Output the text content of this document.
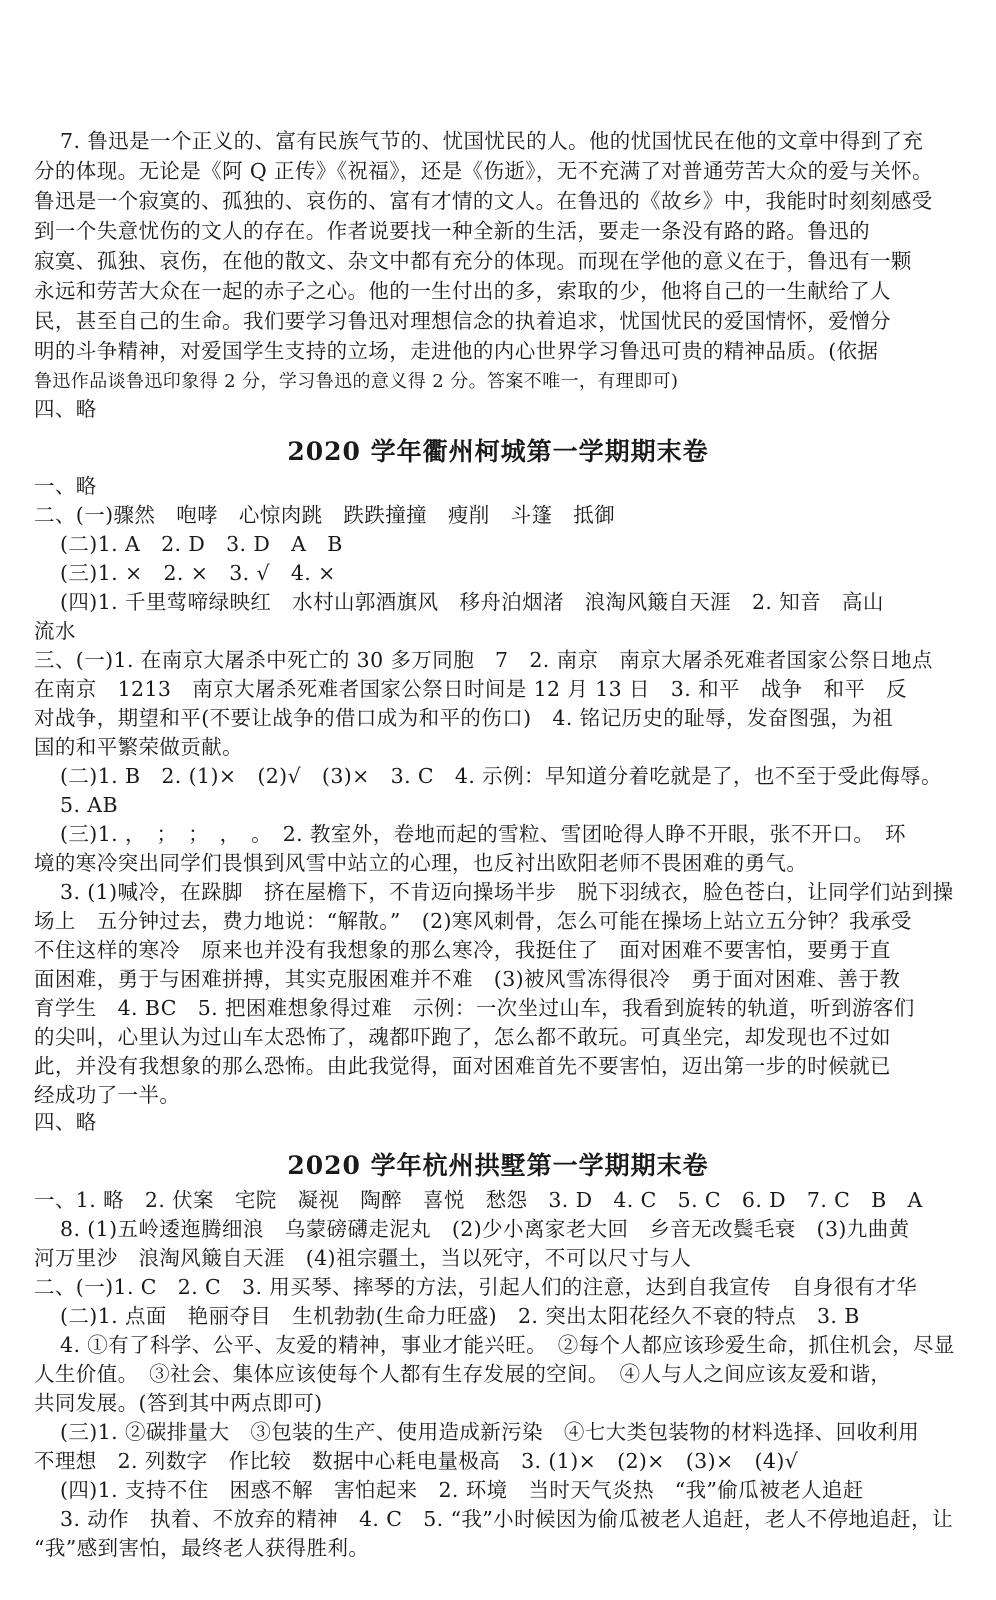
7. 鲁迅是一个正义的、富有民族气节的、忧国忧民的人。他的忧国忧民在他的文章中得到了充
分的体现。无论是《阿 Q 正传》《祝福》，还是《伤逝》，无不充满了对普通劳苦大众的爱与关怀。
鲁迅是一个寂寞的、孤独的、哀伤的、富有才情的文人。在鲁迅的《故乡》中，我能时时刻刻感受
到一个失意忧伤的文人的存在。作者说要找一种全新的生活，要走一条没有路的路。鲁迅的
寂寞、孤独、哀伤，在他的散文、杂文中都有充分的体现。而现在学他的意义在于，鲁迅有一颗
永远和劳苦大众在一起的赤子之心。他的一生付出的多，索取的少，他将自己的一生献给了人
民，甚至自己的生命。我们要学习鲁迅对理想信念的执着追求，忧国忧民的爱国情怀，爱憎分
明的斗争精神，对爱国学生支持的立场，走进他的内心世界学习鲁迅可贵的精神品质。(依据
鲁迅作品谈鲁迅印象得 2 分，学习鲁迅的意义得 2 分。答案不唯一，有理即可)
四、略
2020 学年衢州柯城第一学期期末卷
一、略
二、(一)骤然　咆哮　心惊肉跳　跌跌撞撞　瘦削　斗篷　抵御
(二)1. A　2. D　3. D　A　B
(三)1. ×　2. ×　3. √　4. ×
(四)1. 千里莺啼绿映红　水村山郭酒旗风　移舟泊烟渚　浪淘风簸自天涯　2. 知音　高山
流水
三、(一)1. 在南京大屠杀中死亡的 30 多万同胞　7　2. 南京　南京大屠杀死难者国家公祭日地点
在南京　1213　南京大屠杀死难者国家公祭日时间是 12 月 13 日　3. 和平　战争　和平　反
对战争，期望和平(不要让战争的借口成为和平的伤口)　4. 铭记历史的耻辱，发奋图强，为祖
国的和平繁荣做贡献。
(二)1. B　2. (1)×　(2)√　(3)×　3. C　4. 示例：早知道分着吃就是了，也不至于受此侮辱。
5. AB
(三)1. ，　；　；　，　。　2. 教室外，卷地而起的雪粒、雪团呛得人睁不开眼，张不开口。　环
境的寒冷突出同学们畏惧到风雪中站立的心理，也反衬出欧阳老师不畏困难的勇气。
3. (1)喊冷，在跺脚　挤在屋檐下，不肯迈向操场半步　脱下羽绒衣，脸色苍白，让同学们站到操
场上　五分钟过去，费力地说：“解散。”　(2)寒风刺骨，怎么可能在操场上站立五分钟？我承受
不住这样的寒冷　原来也并没有我想象的那么寒冷，我挺住了　面对困难不要害怕，要勇于直
面困难，勇于与困难拼搏，其实克服困难并不难　(3)被风雪冻得很冷　勇于面对困难、善于教
育学生　4. BC　5. 把困难想象得过难　示例：一次坐过山车，我看到旋转的轨道，听到游客们
的尖叫，心里认为过山车太恐怖了，魂都吓跑了，怎么都不敢玩。可真坐完，却发现也不过如
此，并没有我想象的那么恐怖。由此我觉得，面对困难首先不要害怕，迈出第一步的时候就已
经成功了一半。
四、略
2020 学年杭州拱墅第一学期期末卷
一、1. 略　2. 伏案　宅院　凝视　陶醉　喜悦　愁怨　3. D　4. C　5. C　6. D　7. C　B　A
8. (1)五岭逶迤腾细浪　乌蒙磅礴走泥丸　(2)少小离家老大回　乡音无改鬓毛衰　(3)九曲黄
河万里沙　浪淘风簸自天涯　(4)祖宗疆土，当以死守，不可以尺寸与人
二、(一)1. C　2. C　3. 用买琴、摔琴的方法，引起人们的注意，达到自我宣传　自身很有才华
(二)1. 点面　艳丽夺目　生机勃勃(生命力旺盛)　2. 突出太阳花经久不衰的特点　3. B
4. ①有了科学、公平、友爱的精神，事业才能兴旺。　②每个人都应该珍爱生命，抓住机会，尽显
人生价值。　③社会、集体应该使每个人都有生存发展的空间。　④人与人之间应该友爱和谐，
共同发展。(答到其中两点即可)
(三)1. ②碳排量大　③包装的生产、使用造成新污染　④七大类包装物的材料选择、回收利用
不理想　2. 列数字　作比较　数据中心耗电量极高　3. (1)×　(2)×　(3)×　(4)√
(四)1. 支持不住　困惑不解　害怕起来　2. 环境　当时天气炎热　“我”偷瓜被老人追赶
3. 动作　执着、不放弃的精神　4. C　5. “我”小时候因为偷瓜被老人追赶，老人不停地追赶，让
“我”感到害怕，最终老人获得胜利。
